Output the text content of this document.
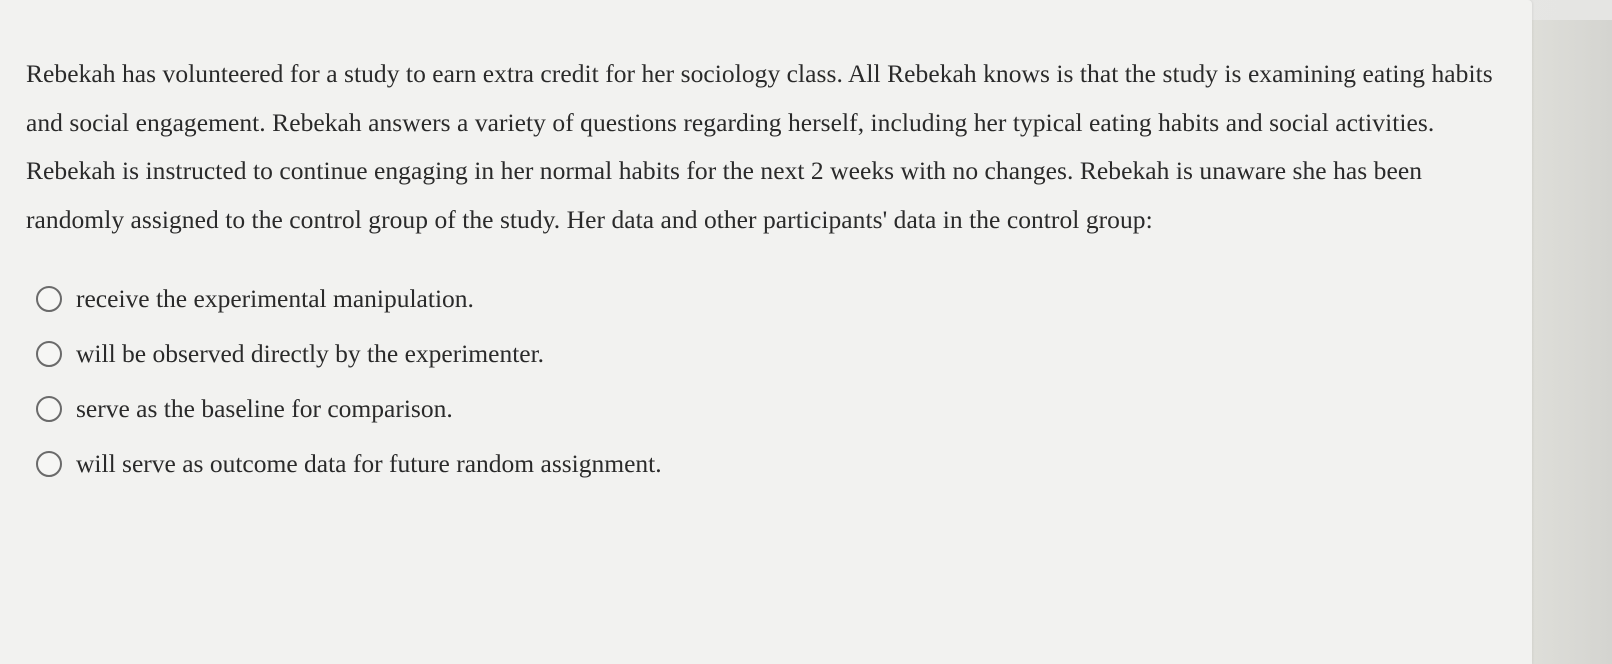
Rebekah has volunteered for a study to earn extra credit for her sociology class. All Rebekah knows is that the study is examining eating habits and social engagement. Rebekah answers a variety of questions regarding herself, including her typical eating habits and social activities. Rebekah is instructed to continue engaging in her normal habits for the next 2 weeks with no changes. Rebekah is unaware she has been randomly assigned to the control group of the study. Her data and other participants' data in the control group:

receive the experimental manipulation.
will be observed directly by the experimenter.
serve as the baseline for comparison.
will serve as outcome data for future random assignment.
